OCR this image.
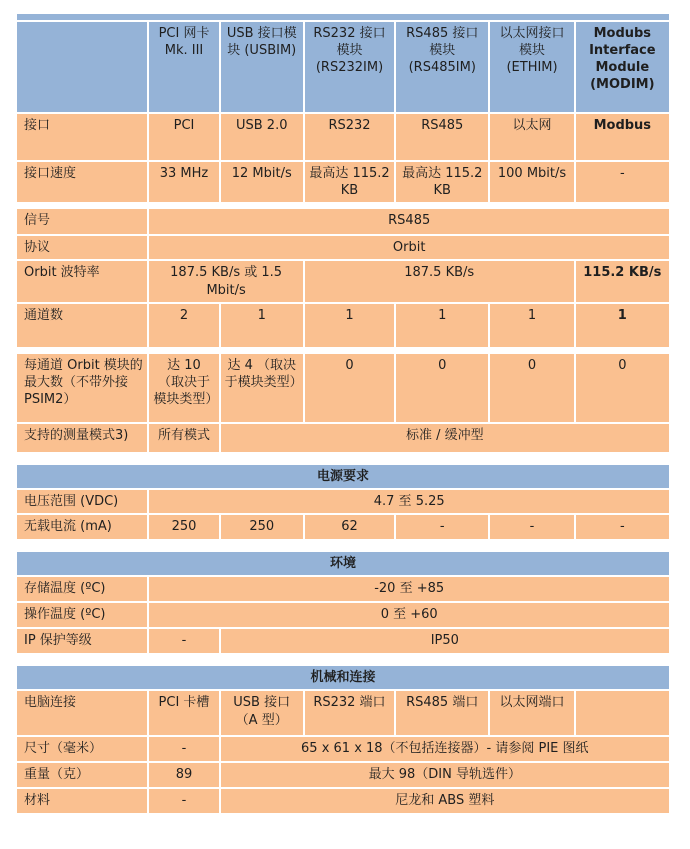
	PCI 网卡 Mk. III	USB 接口模块 (USBIM)	RS232 接口模块 (RS232IM)	RS485 接口模块 (RS485IM)	以太网接口模块 (ETHIM)	Modubs Interface Module (MODIM)
接口	PCI	USB 2.0	RS232	RS485	以太网	Modbus
接口速度	33 MHz	12 Mbit/s	最高达 115.2 KB	最高达 115.2 KB	100 Mbit/s	-
信号	RS485					
协议	Orbit					
Orbit 波特率	187.5 KB/s 或 1.5 Mbit/s		187.5 KB/s			115.2 KB/s
通道数	2	1	1	1	1	1
每通道 Orbit 模块的最大数（不带外接 PSIM2）	达 10 （取决于模块类型）	达 4 （取决于模块类型）	0	0	0	0
支持的测量模式3)	所有模式	标准 / 缓冲型				
电源要求						
电压范围 (VDC)	4.7 至 5.25					
无载电流 (mA)	250	250	62	-	-	-
环境		
存储温度 (ºC)	-20 至 +85	
操作温度 (ºC)	0 至 +60	
IP 保护等级	-	IP50
机械和连接						
电脑连接	PCI 卡槽	USB 接口（A 型）	RS232 端口	RS485 端口	以太网端口	
尺寸（毫米）	-	65 x 61 x 18（不包括连接器）- 请参阅 PIE 图纸				
重量（克）	89	最大 98（DIN 导轨选件）				
材料	-	尼龙和 ABS 塑料				
